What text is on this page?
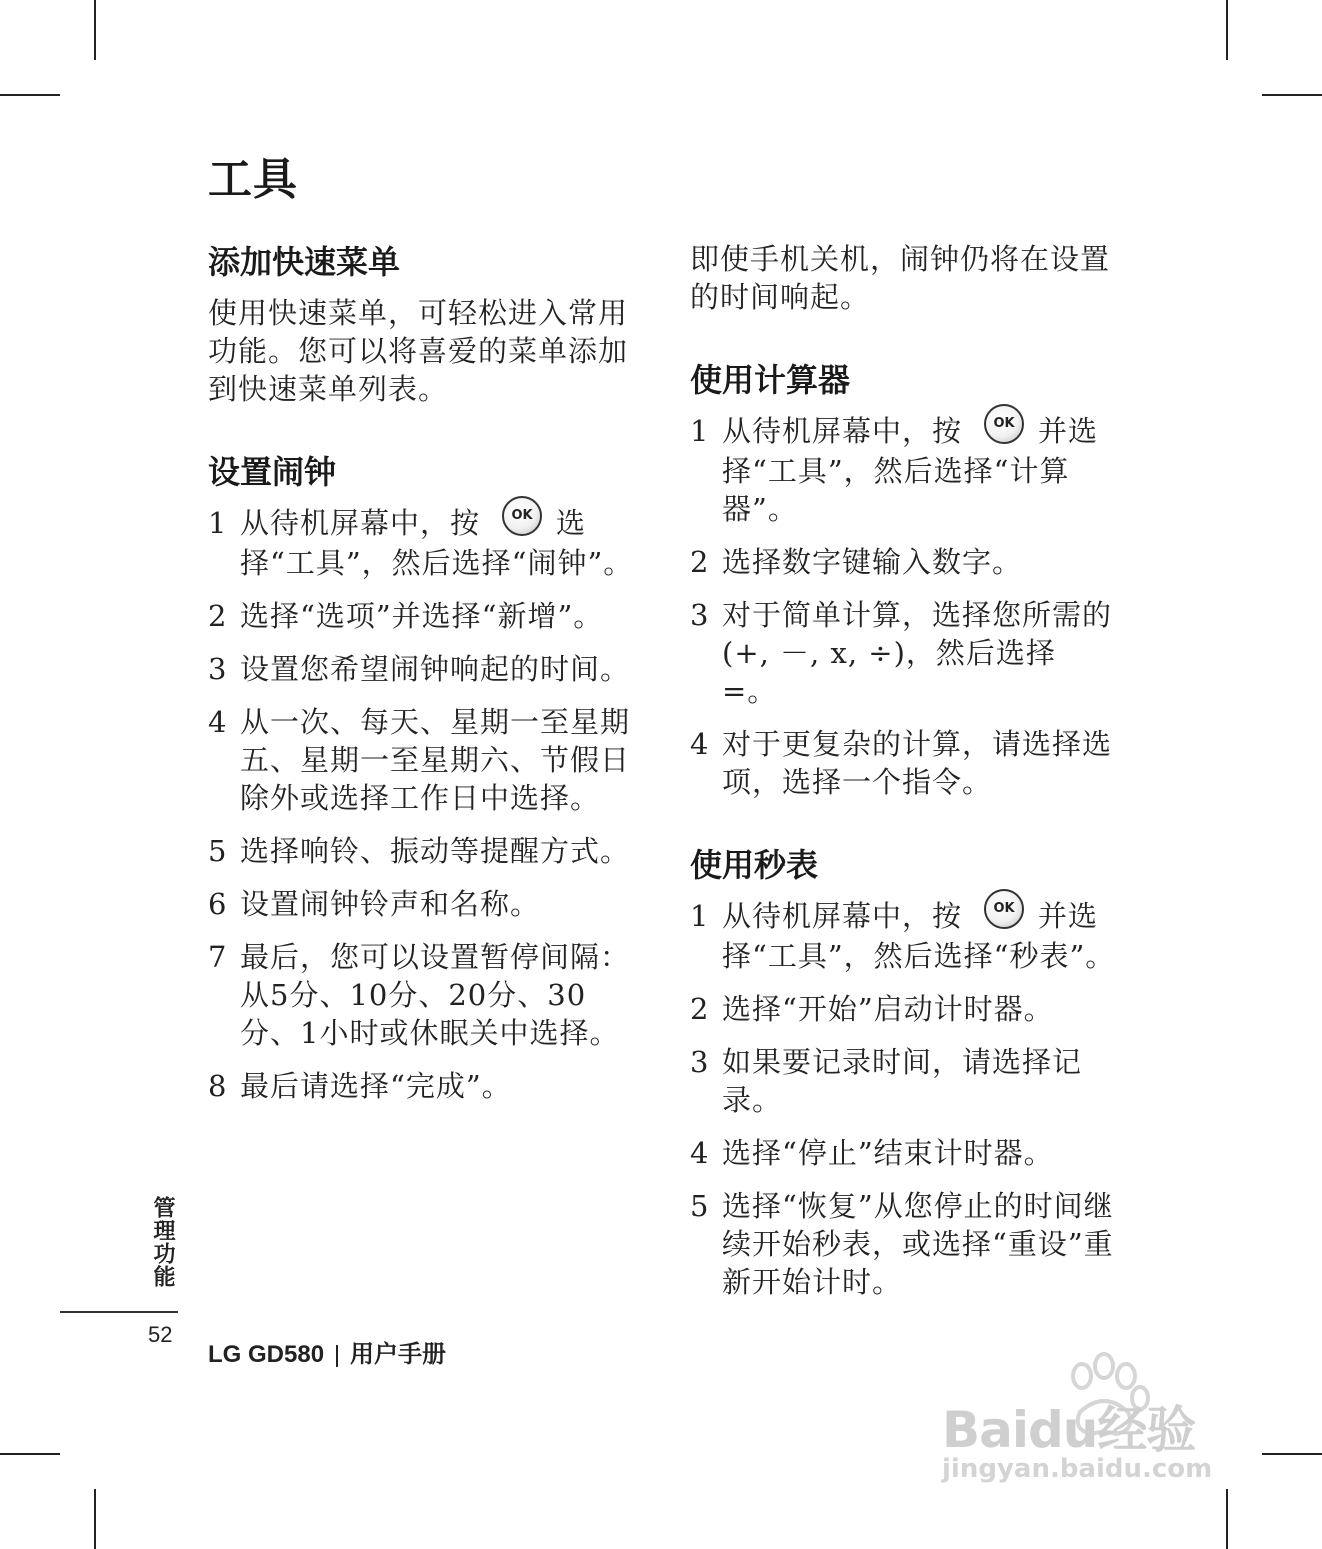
工具
添加快速菜单

使用快速菜单，可轻松进入常用功能。您可以将喜爱的菜单添加到快速菜单列表。

设置闹钟
1 从待机屏幕中，按 OK 选择“工具”，然后选择“闹钟”。
2 选择“选项”并选择“新增”。
3 设置您希望闹钟响起的时间。
4 从一次、每天、星期一至星期五、星期一至星期六、节假日除外或选择工作日中选择。
5 选择响铃、振动等提醒方式。
6 设置闹钟铃声和名称。
7 最后，您可以设置暂停间隔：从5分、10分、20分、30分、1小时或休眠关中选择。
8 最后请选择“完成”。

即使手机关机，闹钟仍将在设置的时间响起。

使用计算器
1 从待机屏幕中，按 OK 并选择“工具”，然后选择“计算器”。
2 选择数字键输入数字。
3 对于简单计算，选择您所需的(+, －, x, ÷)，然后选择 =。
4 对于更复杂的计算，请选择选项，选择一个指令。
使用秒表
1 从待机屏幕中，按 OK 并选择“工具”，然后选择“秒表”。
2 选择“开始”启动计时器。
3 如果要记录时间，请选择记录。
4 选择“停止”结束计时器。
5 选择“恢复”从您停止的时间继续开始秒表，或选择“重设”重新开始计时。
管理功能
52
LG GD580 用户手册
Baidu经验
jingyan.baidu.com
